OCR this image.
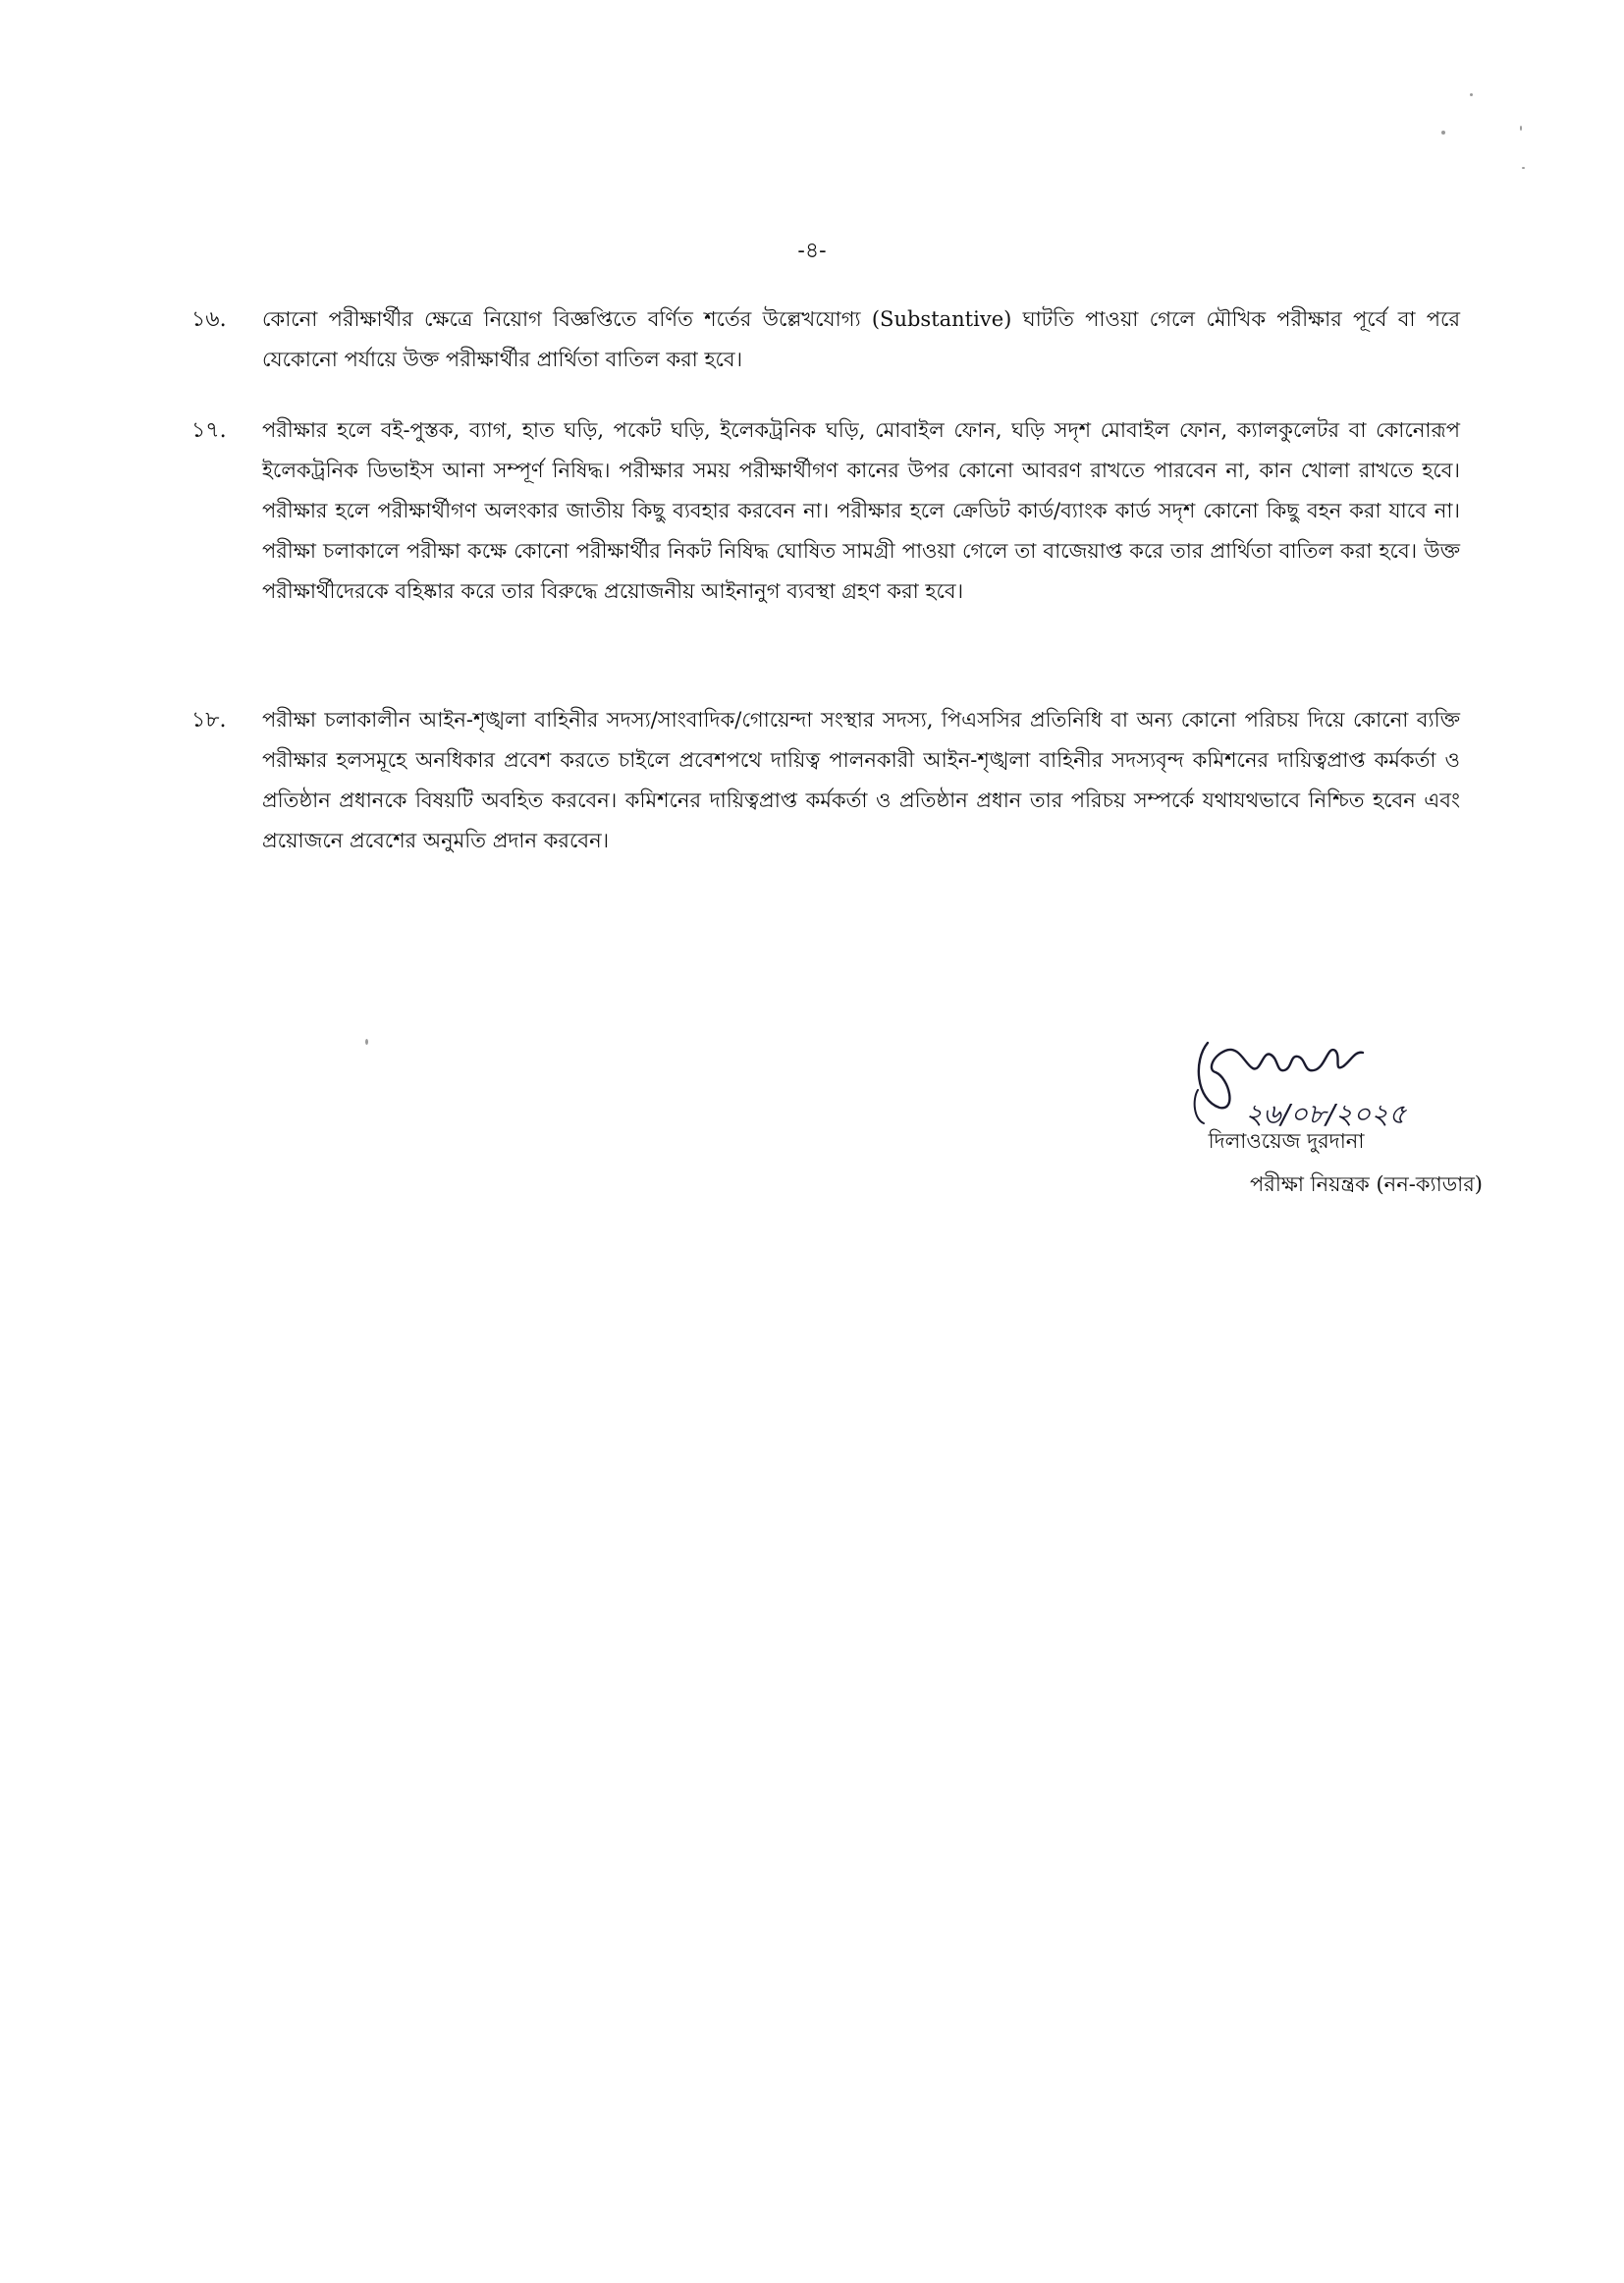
-৪-
১৬.	কোনো পরীক্ষার্থীর ক্ষেত্রে নিয়োগ বিজ্ঞপ্তিতে বর্ণিত শর্তের উল্লেখযোগ্য (Substantive) ঘাটতি পাওয়া গেলে মৌখিক পরীক্ষার পূর্বে বা পরে যেকোনো পর্যায়ে উক্ত পরীক্ষার্থীর প্রার্থিতা বাতিল করা হবে।
১৭.	পরীক্ষার হলে বই-পুস্তক, ব্যাগ, হাত ঘড়ি, পকেট ঘড়ি, ইলেকট্রনিক ঘড়ি, মোবাইল ফোন, ঘড়ি সদৃশ মোবাইল ফোন, ক্যালকুলেটর বা কোনোরূপ ইলেকট্রনিক ডিভাইস আনা সম্পূর্ণ নিষিদ্ধ। পরীক্ষার সময় পরীক্ষার্থীগণ কানের উপর কোনো আবরণ রাখতে পারবেন না, কান খোলা রাখতে হবে। পরীক্ষার হলে পরীক্ষার্থীগণ অলংকার জাতীয় কিছু ব্যবহার করবেন না। পরীক্ষার হলে ক্রেডিট কার্ড/ব্যাংক কার্ড সদৃশ কোনো কিছু বহন করা যাবে না। পরীক্ষা চলাকালে পরীক্ষা কক্ষে কোনো পরীক্ষার্থীর নিকট নিষিদ্ধ ঘোষিত সামগ্রী পাওয়া গেলে তা বাজেয়াপ্ত করে তার প্রার্থিতা বাতিল করা হবে। উক্ত পরীক্ষার্থীদেরকে বহিষ্কার করে তার বিরুদ্ধে প্রয়োজনীয় আইনানুগ ব্যবস্থা গ্রহণ করা হবে।
১৮.	পরীক্ষা চলাকালীন আইন-শৃঙ্খলা বাহিনীর সদস্য/সাংবাদিক/গোয়েন্দা সংস্থার সদস্য, পিএসসির প্রতিনিধি বা অন্য কোনো পরিচয় দিয়ে কোনো ব্যক্তি পরীক্ষার হলসমূহে অনধিকার প্রবেশ করতে চাইলে প্রবেশপথে দায়িত্ব পালনকারী আইন-শৃঙ্খলা বাহিনীর সদস্যবৃন্দ কমিশনের দায়িত্বপ্রাপ্ত কর্মকর্তা ও প্রতিষ্ঠান প্রধানকে বিষয়টি অবহিত করবেন। কমিশনের দায়িত্বপ্রাপ্ত কর্মকর্তা ও প্রতিষ্ঠান প্রধান তার পরিচয় সম্পর্কে যথাযথভাবে নিশ্চিত হবেন এবং প্রয়োজনে প্রবেশের অনুমতি প্রদান করবেন।
২৬/০৮/২০২৫
দিলাওয়েজ দুরদানা
পরীক্ষা নিয়ন্ত্রক (নন-ক্যাডার)
